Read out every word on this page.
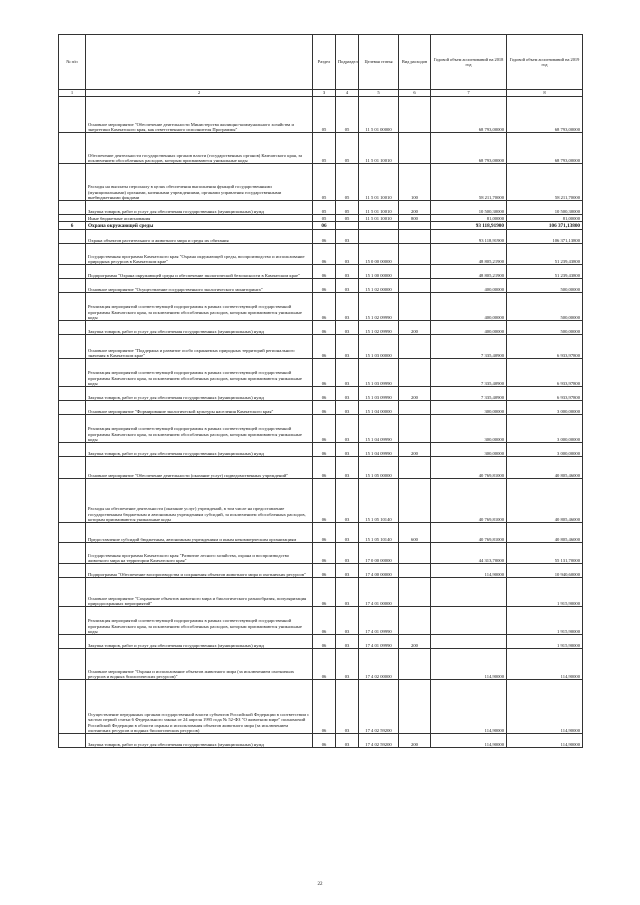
№ п/п		Раздел	Подраздел	Целевая статья	Вид расходов	Годовой объем ассигнований на 2018 год	Годовой объем ассигнований на 2019 год
1	2	3	4	5	6	7	8
	Основное мероприятие "Обеспечение деятельности Министерства жилищно-коммунального хозяйства и энергетики Камчатского края, как ответственного исполнителя Программы"	05	05	11 5 01 00000		68 793,00000	68 793,00000
	Обеспечение деятельности государственных органов власти (государственных органов) Камчатского края, за исключением обособленных расходов, которым присваиваются уникальные коды	05	05	11 5 01 10010		68 793,00000	68 793,00000
	Расходы на выплаты персоналу в целях обеспечения выполнения функций государственными (муниципальными) органами, казенными учреждениями, органами управления государственными внебюджетными фондами	05	05	11 5 01 10010	100	58 211,70000	58 211,70000
	Закупка товаров, работ и услуг для обеспечения государственных (муниципальных) нужд	05	05	11 5 01 10010	200	10 500,30000	10 500,30000
	Иные бюджетные ассигнования	05	05	11 5 01 10010	800	81,00000	81,00000
6	Охрана окружающей среды	06				93 118,91900	106 371,13800
	Охрана объектов растительного и животного мира и среды их обитания	06	03			93 118,91900	106 371,13800
	Государственная программа Камчатского края "Охрана окружающей среды, воспроизводство и использование природных ресурсов в Камчатском крае"	06	03	15 0 00 00000		48 805,21900	51 239,43800
	Подпрограмма "Охрана окружающей среды и обеспечение экологической безопасности в Камчатском крае"	06	03	15 1 00 00000		48 805,21900	51 239,43800
	Основное мероприятие "Осуществление государственного экологического мониторинга"	06	03	15 1 02 00000		400,00000	500,00000
	Реализация мероприятий соответствующей подпрограммы в рамках соответствующей государственной программы Камчатского края, за исключением обособленных расходов, которым присваиваются уникальные коды	06	03	15 1 02 09990		400,00000	500,00000
	Закупка товаров, работ и услуг для обеспечения государственных (муниципальных) нужд	06	03	15 1 02 09990	200	400,00000	500,00000
	Основное мероприятие "Поддержка и развитие особо охраняемых природных территорий регионального значения в Камчатском крае"	06	03	15 1 03 00000		7 335,40900	6 933,97800
	Реализация мероприятий соответствующей подпрограммы в рамках соответствующей государственной программы Камчатского края, за исключением обособленных расходов, которым присваиваются уникальные коды	06	03	15 1 03 09990		7 335,40900	6 933,97800
	Закупка товаров, работ и услуг для обеспечения государственных (муниципальных) нужд	06	03	15 1 03 09990	200	7 335,40900	6 933,97800
	Основное мероприятие "Формирование экологической культуры населения Камчатского края"	06	03	15 1 04 00000		300,00000	3 000,00000
	Реализация мероприятий соответствующей подпрограммы в рамках соответствующей государственной программы Камчатского края, за исключением обособленных расходов, которым присваиваются уникальные коды	06	03	15 1 04 09990		300,00000	3 000,00000
	Закупка товаров, работ и услуг для обеспечения государственных (муниципальных) нужд	06	03	15 1 04 09990	200	300,00000	3 000,00000
	Основное мероприятие "Обеспечение деятельности (оказание услуг) подведомственных учреждений"	06	03	15 1 05 00000		40 769,81000	40 805,46000
	Расходы на обеспечение деятельности (оказание услуг) учреждений, в том числе на предоставление государственным бюджетным и автономным учреждениям субсидий, за исключением обособленных расходов, которым присваиваются уникальные коды	06	03	15 1 05 10140		40 769,81000	40 805,46000
	Предоставление субсидий бюджетным, автономным учреждениям и иным некоммерческим организациям	06	03	15 1 05 10140	600	40 769,81000	40 805,46000
	Государственная программа Камчатского края "Развитие лесного хозяйства, охрана и воспроизводство животного мира на территории Камчатского края"	06	03	17 0 00 00000		44 313,70000	55 131,70000
	Подпрограмма "Обеспечение воспроизводства и сохранения объектов животного мира и охотничьих ресурсов"	06	03	17 4 00 00000		114,90000	10 940,60000
	Основное мероприятие "Сохранение объектов животного мира и биологического разнообразия, популяризация природоохранных мероприятий"	06	03	17 4 01 00000			1 915,90000
	Реализация мероприятий соответствующей подпрограммы в рамках соответствующей государственной программы Камчатского края, за исключением обособленных расходов, которым присваиваются уникальные коды	06	03	17 4 01 09990			1 915,90000
	Закупка товаров, работ и услуг для обеспечения государственных (муниципальных) нужд	06	03	17 4 01 09990	200		1 915,90000
	Основное мероприятие "Охрана и использование объектов животного мира (за исключением охотничьих ресурсов и водных биологических ресурсов)"	06	03	17 4 02 00000		114,90000	114,90000
	Осуществление переданных органам государственной власти субъектов Российской Федерации в соответствии с частью первой статьи 6 Федерального закона от 24 апреля 1995 года № 52-ФЗ "О животном мире" полномочий Российской Федерации в области охраны и использования объектов животного мира (за исключением охотничьих ресурсов и водных биологических ресурсов)	06	03	17 4 02 59200		114,90000	114,90000
	Закупка товаров, работ и услуг для обеспечения государственных (муниципальных) нужд	06	03	17 4 02 59200	200	114,90000	114,90000
22
